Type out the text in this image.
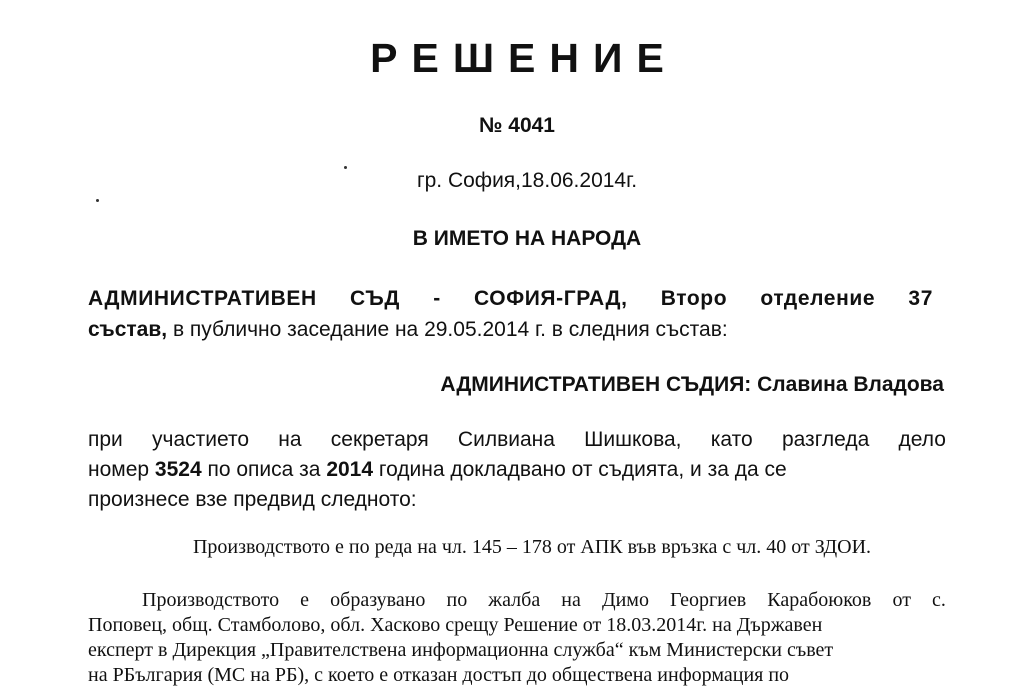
РЕШЕНИЕ
№ 4041
гр. София,18.06.2014г.
В ИМЕТО НА НАРОДА
АДМИНИСТРАТИВЕН СЪД - СОФИЯ-ГРАД, Второ отделение 37
състав, в публично заседание на 29.05.2014 г. в следния състав:
АДМИНИСТРАТИВЕН СЪДИЯ: Славина Владова
при участието на секретаря Силвиана Шишкова, като разгледа дело
номер 3524 по описа за 2014 година докладвано от съдията, и за да се
произнесе взе предвид следното:
Производството е по реда на чл. 145 – 178 от АПК във връзка с чл. 40 от ЗДОИ.
Производството е образувано по жалба на Димо Георгиев Карабоюков от с.
Поповец, общ. Стамболово, обл. Хасково срещу Решение от 18.03.2014г. на Държавен
експерт в Дирекция „Правителствена информационна служба“ към Министерски съвет
на РБългария (МС на РБ), с което е отказан достъп до обществена информация по
